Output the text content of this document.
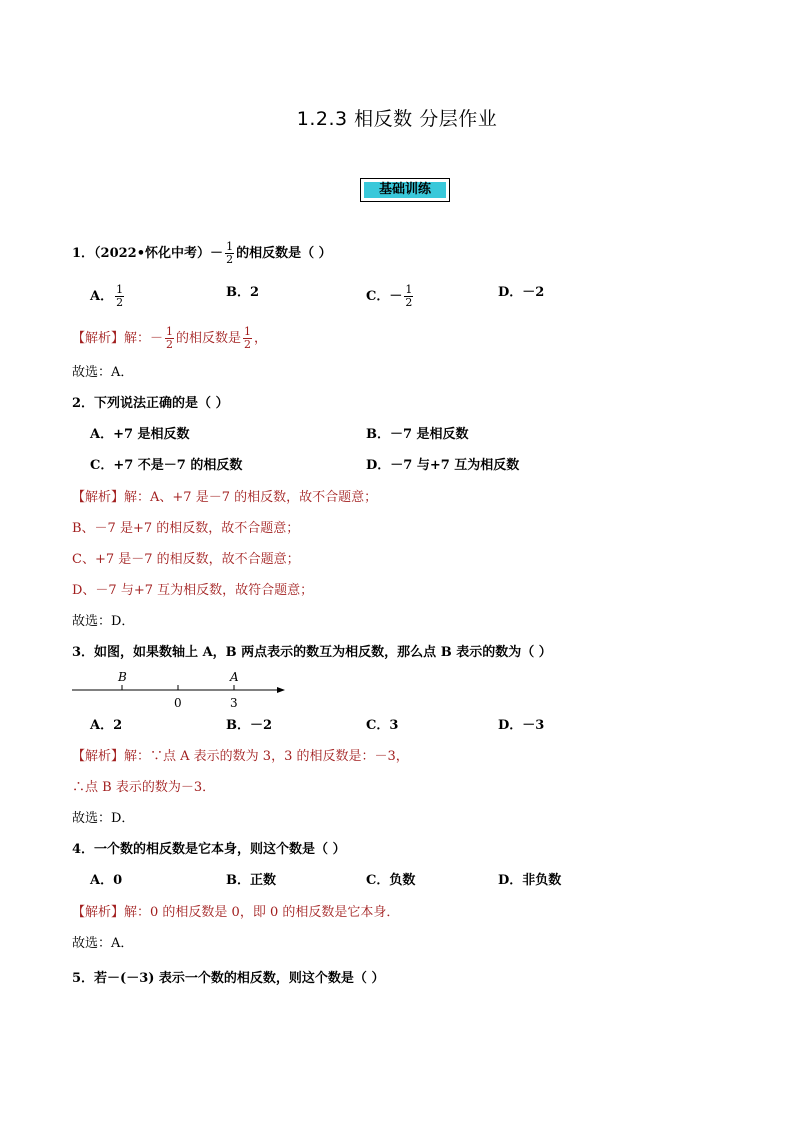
1.2.3 相反数 分层作业
基础训练
1．（2022•怀化中考）－ $\frac{1}{2}$ 的相反数是（ ）
A． $\frac{1}{2}$	B．2	C．－ $\frac{1}{2}$	D．－2
【解析】解：－ $\frac{1}{2}$ 的相反数是 $\frac{1}{2}$ ，
故选：A．
2．下列说法正确的是（ ）
A．+7 是相反数	B．－7 是相反数
C．+7 不是－7 的相反数	D．－7 与+7 互为相反数
【解析】解：A、+7 是－7 的相反数，故不合题意；
B、－7 是+7 的相反数，故不合题意；
C、+7 是－7 的相反数，故不合题意；
D、－7 与+7 互为相反数，故符合题意；
故选：D．
3．如图，如果数轴上 A，B 两点表示的数互为相反数，那么点 B 表示的数为（ ）
B
0
A
3
A．2	B．－2	C．3	D．－3
【解析】解：∵点 A 表示的数为 3，3 的相反数是：－3，
∴点 B 表示的数为－3．
故选：D．
4．一个数的相反数是它本身，则这个数是（ ）
A．0	B．正数	C．负数	D．非负数
【解析】解：0 的相反数是 0，即 0 的相反数是它本身．
故选：A．
5．若－(－3) 表示一个数的相反数，则这个数是（ ）
